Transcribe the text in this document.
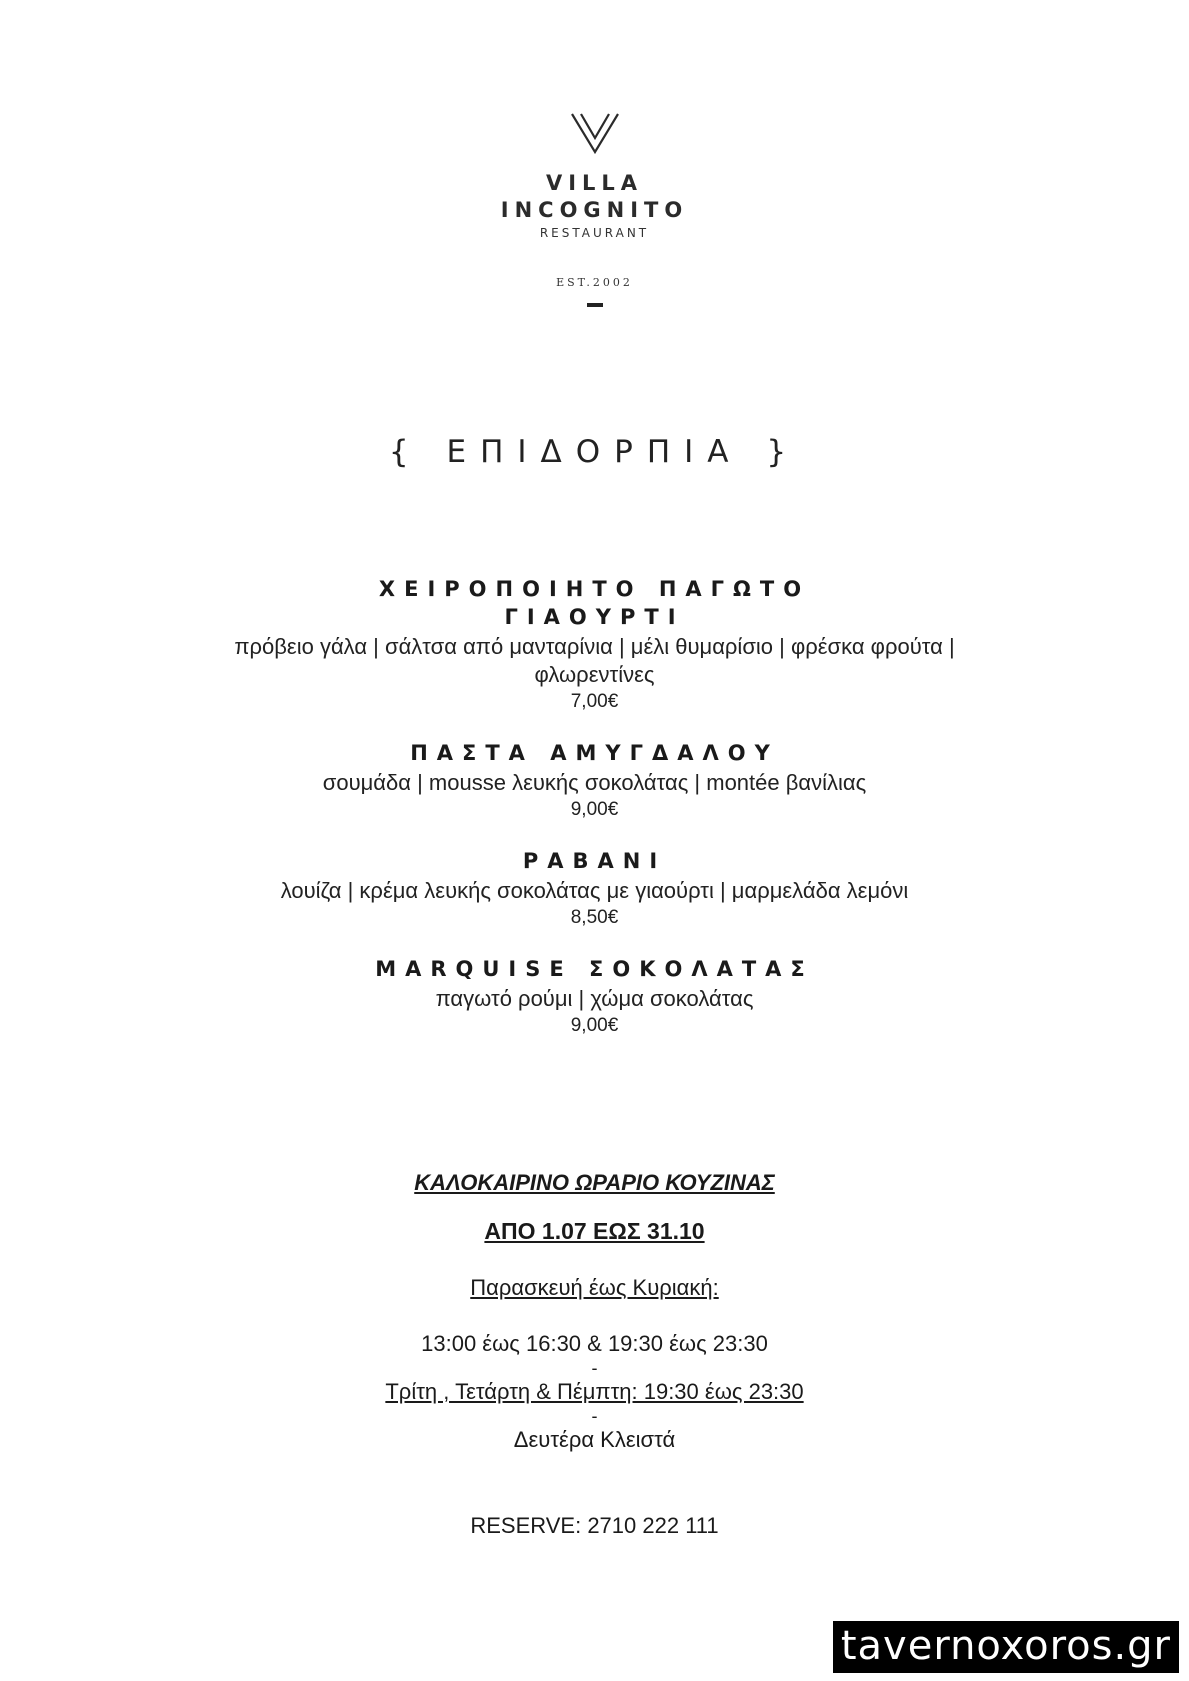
VILLA
INCOGNITO
RESTAURANT
EST.2002
{ ΕΠΙΔΟΡΠΙΑ }
ΧΕΙΡΟΠΟΙΗΤΟ ΠΑΓΩΤΟ
ΓΙΑΟΥΡΤΙ
πρόβειο γάλα | σάλτσα από μανταρίνια | μέλι θυμαρίσιο | φρέσκα φρούτα | φλωρεντίνες
7,00€
ΠΑΣΤΑ ΑΜΥΓΔΑΛΟΥ
σουμάδα | mousse λευκής σοκολάτας | montée βανίλιας
9,00€
ΡΑΒΑΝΙ
λουίζα | κρέμα λευκής σοκολάτας με γιαούρτι | μαρμελάδα λεμόνι
8,50€
MARQUISE ΣΟΚΟΛΑΤΑΣ
παγωτό ρούμι | χώμα σοκολάτας
9,00€
ΚΑΛΟΚΑΙΡΙΝΟ ΩΡΑΡΙΟ ΚΟΥΖΙΝΑΣ
ΑΠΟ 1.07 ΕΩΣ 31.10
Παρασκευή έως Κυριακή:
13:00 έως 16:30 & 19:30 έως 23:30
-
Τρίτη , Τετάρτη & Πέμπτη: 19:30 έως 23:30
-
Δευτέρα Κλειστά
RESERVE: 2710 222 111
tavernoxoros.gr
